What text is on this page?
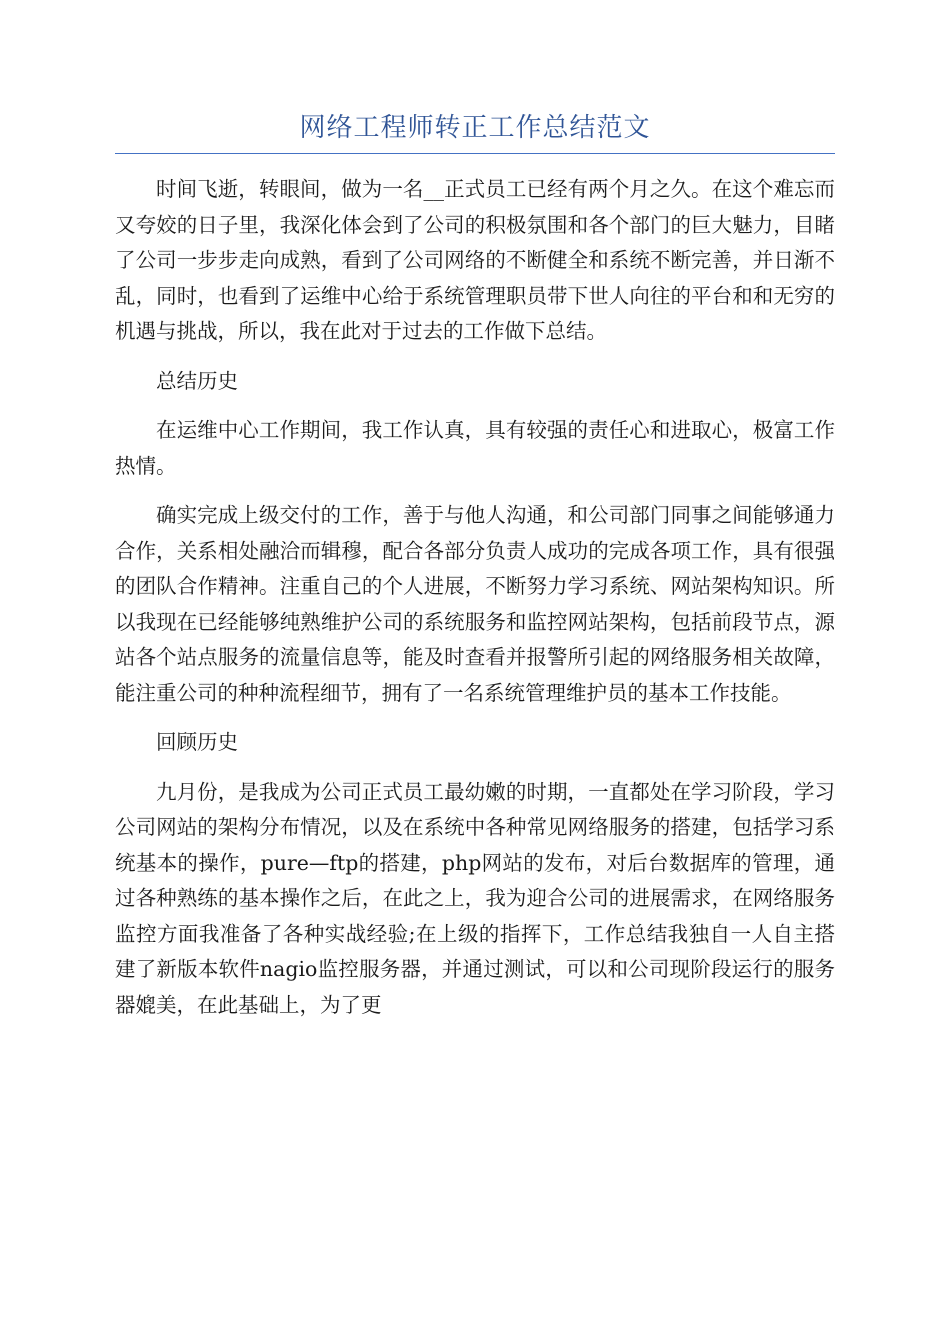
网络工程师转正工作总结范文

时间飞逝，转眼间，做为一名__正式员工已经有两个月之久。在这个难忘而又夸姣的日子里，我深化体会到了公司的积极氛围和各个部门的巨大魅力，目睹了公司一步步走向成熟，看到了公司网络的不断健全和系统不断完善，并日渐不乱，同时，也看到了运维中心给于系统管理职员带下世人向往的平台和和无穷的机遇与挑战，所以，我在此对于过去的工作做下总结。

总结历史

在运维中心工作期间，我工作认真，具有较强的责任心和进取心，极富工作热情。

确实完成上级交付的工作，善于与他人沟通，和公司部门同事之间能够通力合作，关系相处融洽而辑穆，配合各部分负责人成功的完成各项工作，具有很强的团队合作精神。注重自己的个人进展，不断努力学习系统、网站架构知识。所以我现在已经能够纯熟维护公司的系统服务和监控网站架构，包括前段节点，源站各个站点服务的流量信息等，能及时查看并报警所引起的网络服务相关故障，能注重公司的种种流程细节，拥有了一名系统管理维护员的基本工作技能。

回顾历史

九月份，是我成为公司正式员工最幼嫩的时期，一直都处在学习阶段，学习公司网站的架构分布情况，以及在系统中各种常见网络服务的搭建，包括学习系统基本的操作，pure—ftp的搭建，php网站的发布，对后台数据库的管理，通过各种熟练的基本操作之后，在此之上，我为迎合公司的进展需求，在网络服务监控方面我准备了各种实战经验;在上级的指挥下，工作总结我独自一人自主搭建了新版本软件nagio监控服务器，并通过测试，可以和公司现阶段运行的服务器媲美，在此基础上，为了更
